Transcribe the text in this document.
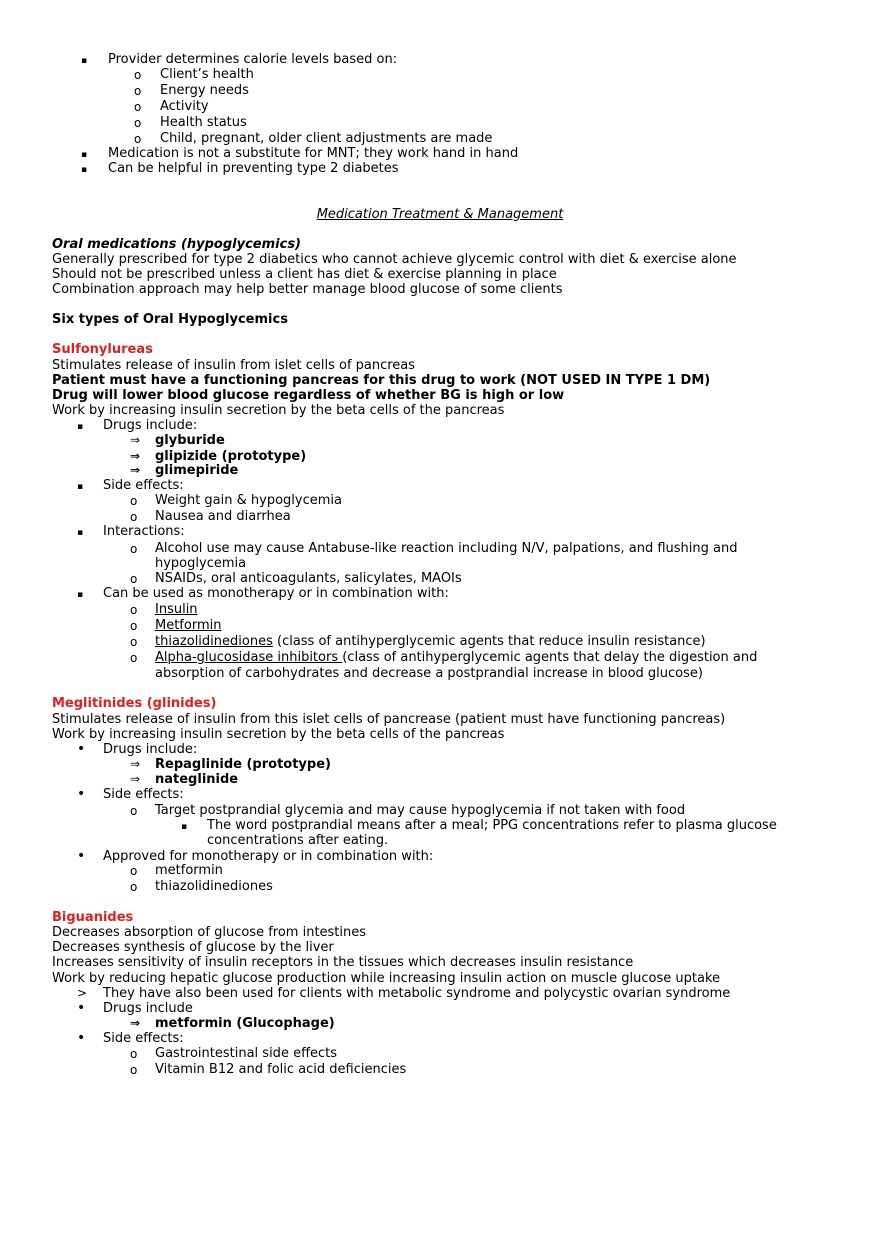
▪ Provider determines calorie levels based on:
o Client’s health
o Energy needs
o Activity
o Health status
o Child, pregnant, older client adjustments are made
▪ Medication is not a substitute for MNT; they work hand in hand
▪ Can be helpful in preventing type 2 diabetes
Medication Treatment & Management
Oral medications (hypoglycemics)
Generally prescribed for type 2 diabetics who cannot achieve glycemic control with diet & exercise alone
Should not be prescribed unless a client has diet & exercise planning in place
Combination approach may help better manage blood glucose of some clients
Six types of Oral Hypoglycemics
Sulfonylureas
Stimulates release of insulin from islet cells of pancreas
Patient must have a functioning pancreas for this drug to work (NOT USED IN TYPE 1 DM)
Drug will lower blood glucose regardless of whether BG is high or low
Work by increasing insulin secretion by the beta cells of the pancreas
▪ Drugs include:
⇒ glyburide
⇒ glipizide (prototype)
⇒ glimepiride
▪ Side effects:
o Weight gain & hypoglycemia
o Nausea and diarrhea
▪ Interactions:
o Alcohol use may cause Antabuse-like reaction including N/V, palpations, and flushing and
hypoglycemia
o NSAIDs, oral anticoagulants, salicylates, MAOIs
▪ Can be used as monotherapy or in combination with:
o Insulin
o Metformin
o thiazolidinediones (class of antihyperglycemic agents that reduce insulin resistance)
o Alpha-glucosidase inhibitors (class of antihyperglycemic agents that delay the digestion and
absorption of carbohydrates and decrease a postprandial increase in blood glucose)
Meglitinides (glinides)
Stimulates release of insulin from this islet cells of pancrease (patient must have functioning pancreas)
Work by increasing insulin secretion by the beta cells of the pancreas
• Drugs include:
⇒ Repaglinide (prototype)
⇒ nateglinide
• Side effects:
o Target postprandial glycemia and may cause hypoglycemia if not taken with food
▪ The word postprandial means after a meal; PPG concentrations refer to plasma glucose
concentrations after eating.
• Approved for monotherapy or in combination with:
o metformin
o thiazolidinediones
Biguanides
Decreases absorption of glucose from intestines
Decreases synthesis of glucose by the liver
Increases sensitivity of insulin receptors in the tissues which decreases insulin resistance
Work by reducing hepatic glucose production while increasing insulin action on muscle glucose uptake
> They have also been used for clients with metabolic syndrome and polycystic ovarian syndrome
• Drugs include
⇒ metformin (Glucophage)
• Side effects:
o Gastrointestinal side effects
o Vitamin B12 and folic acid deficiencies
